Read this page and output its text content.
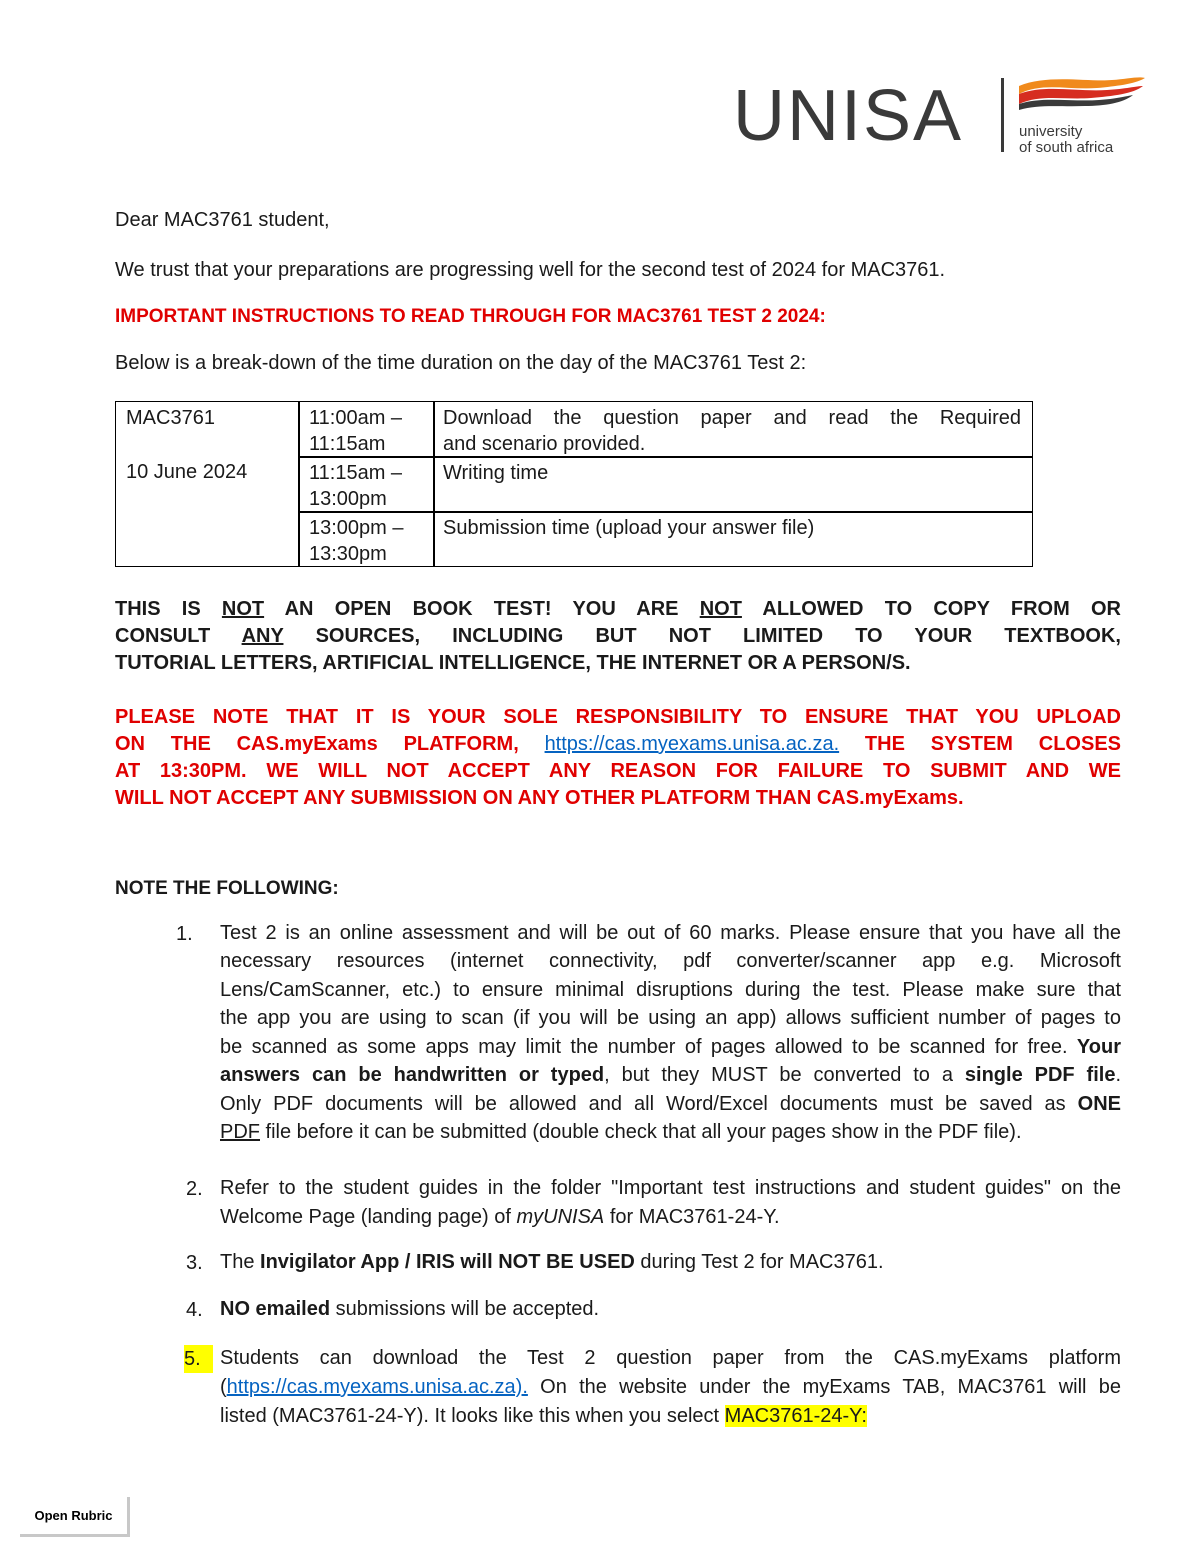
UNISA	university
of south africa
Dear MAC3761 student,
We trust that your preparations are progressing well for the second test of 2024 for MAC3761.
IMPORTANT INSTRUCTIONS TO READ THROUGH FOR MAC3761 TEST 2 2024:
Below is a break-down of the time duration on the day of the MAC3761 Test 2:
MAC3761
10 June 2024
11:00am –
11:15am
Download the question paper and read the Required
and scenario provided.
11:15am –
13:00pm
Writing time
13:00pm –
13:30pm
Submission time (upload your answer file)
THIS IS NOT AN OPEN BOOK TEST! YOU ARE NOT ALLOWED TO COPY FROM OR
CONSULT ANY SOURCES, INCLUDING BUT NOT LIMITED TO YOUR TEXTBOOK,
TUTORIAL LETTERS, ARTIFICIAL INTELLIGENCE, THE INTERNET OR A PERSON/S.
PLEASE NOTE THAT IT IS YOUR SOLE RESPONSIBILITY TO ENSURE THAT YOU UPLOAD
ON THE CAS.myExams PLATFORM, https://cas.myexams.unisa.ac.za. THE SYSTEM CLOSES
AT 13:30PM. WE WILL NOT ACCEPT ANY REASON FOR FAILURE TO SUBMIT AND WE
WILL NOT ACCEPT ANY SUBMISSION ON ANY OTHER PLATFORM THAN CAS.myExams.
NOTE THE FOLLOWING:
1. Test 2 is an online assessment and will be out of 60 marks. Please ensure that you have all the
necessary resources (internet connectivity, pdf converter/scanner app e.g. Microsoft
Lens/CamScanner, etc.) to ensure minimal disruptions during the test. Please make sure that
the app you are using to scan (if you will be using an app) allows sufficient number of pages to
be scanned as some apps may limit the number of pages allowed to be scanned for free. Your
answers can be handwritten or typed, but they MUST be converted to a single PDF file.
Only PDF documents will be allowed and all Word/Excel documents must be saved as ONE
PDF file before it can be submitted (double check that all your pages show in the PDF file).
2. Refer to the student guides in the folder "Important test instructions and student guides" on the
Welcome Page (landing page) of myUNISA for MAC3761-24-Y.
3. The Invigilator App / IRIS will NOT BE USED during Test 2 for MAC3761.
4. NO emailed submissions will be accepted.
5. Students can download the Test 2 question paper from the CAS.myExams platform
(https://cas.myexams.unisa.ac.za). On the website under the myExams TAB, MAC3761 will be
listed (MAC3761-24-Y). It looks like this when you select MAC3761-24-Y:
Open Rubric
